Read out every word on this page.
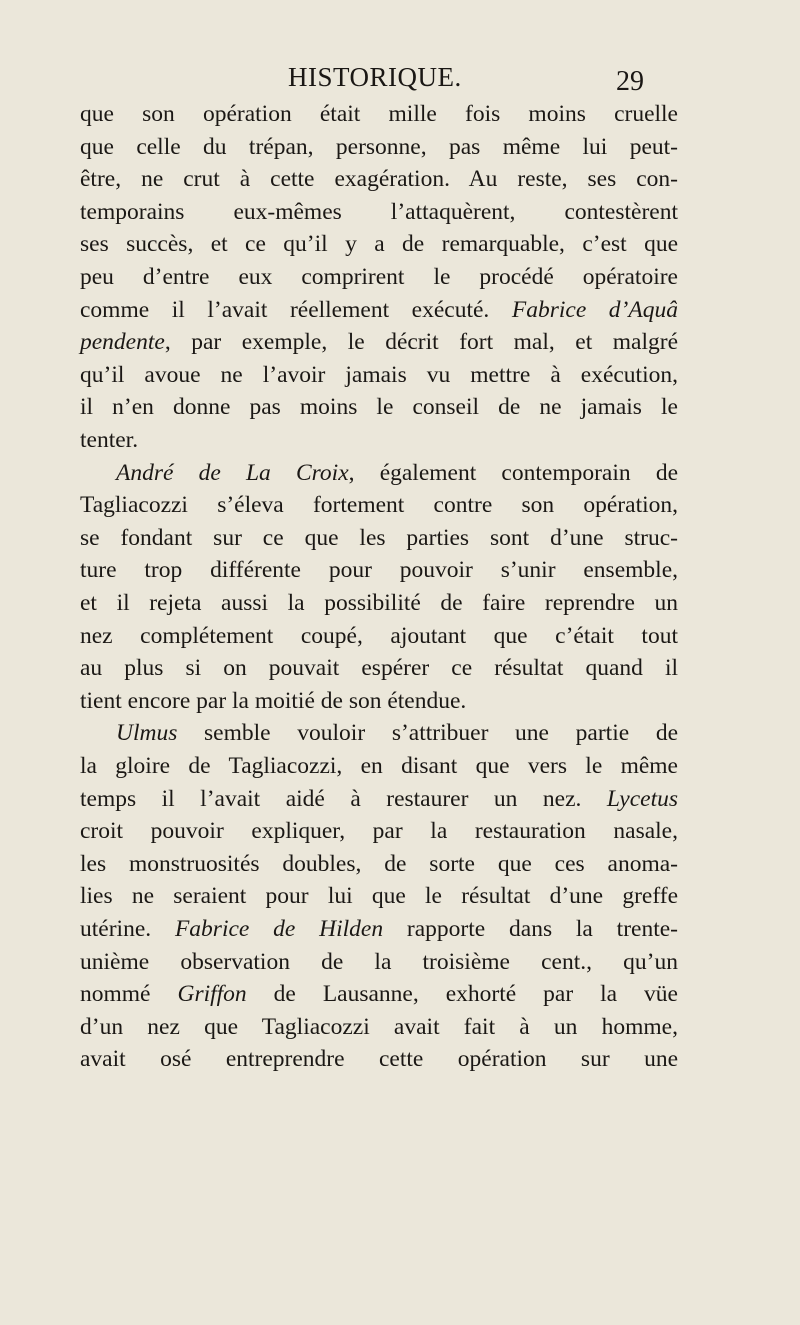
HISTORIQUE.	29
que son opération était mille fois moins cruelle
que celle du trépan, personne, pas même lui peut-
être, ne crut à cette exagération. Au reste, ses con-
temporains eux-mêmes l’attaquèrent, contestèrent
ses succès, et ce qu’il y a de remarquable, c’est que
peu d’entre eux comprirent le procédé opératoire
comme il l’avait réellement exécuté. Fabrice d’Aquâ
pendente, par exemple, le décrit fort mal, et malgré
qu’il avoue ne l’avoir jamais vu mettre à exécution,
il n’en donne pas moins le conseil de ne jamais le
tenter.
André de La Croix, également contemporain de
Tagliacozzi s’éleva fortement contre son opération,
se fondant sur ce que les parties sont d’une struc-
ture trop différente pour pouvoir s’unir ensemble,
et il rejeta aussi la possibilité de faire reprendre un
nez complétement coupé, ajoutant que c’était tout
au plus si on pouvait espérer ce résultat quand il
tient encore par la moitié de son étendue.
Ulmus semble vouloir s’attribuer une partie de
la gloire de Tagliacozzi, en disant que vers le même
temps il l’avait aidé à restaurer un nez. Lycetus
croit pouvoir expliquer, par la restauration nasale,
les monstruosités doubles, de sorte que ces anoma-
lies ne seraient pour lui que le résultat d’une greffe
utérine. Fabrice de Hilden rapporte dans la trente-
unième observation de la troisième cent., qu’un
nommé Griffon de Lausanne, exhorté par la vüe
d’un nez que Tagliacozzi avait fait à un homme,
avait osé entreprendre cette opération sur une
